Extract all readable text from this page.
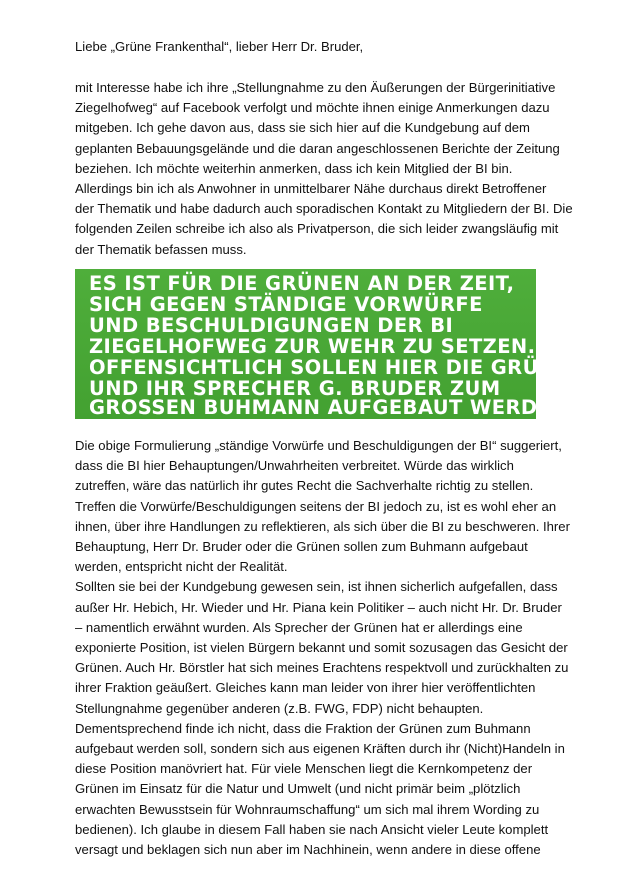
Liebe „Grüne Frankenthal“, lieber Herr Dr. Bruder,
mit Interesse habe ich ihre „Stellungnahme zu den Äußerungen der Bürgerinitiative
Ziegelhofweg“ auf Facebook verfolgt und möchte ihnen einige Anmerkungen dazu
mitgeben. Ich gehe davon aus, dass sie sich hier auf die Kundgebung auf dem
geplanten Bebauungsgelände und die daran angeschlossenen Berichte der Zeitung
beziehen. Ich möchte weiterhin anmerken, dass ich kein Mitglied der BI bin.
Allerdings bin ich als Anwohner in unmittelbarer Nähe durchaus direkt Betroffener
der Thematik und habe dadurch auch sporadischen Kontakt zu Mitgliedern der BI. Die
folgenden Zeilen schreibe ich also als Privatperson, die sich leider zwangsläufig mit
der Thematik befassen muss.
ES IST FÜR DIE GRÜNEN AN DER ZEIT,
SICH GEGEN STÄNDIGE VORWÜRFE
UND BESCHULDIGUNGEN DER BI
ZIEGELHOFWEG ZUR WEHR ZU SETZEN.
OFFENSICHTLICH SOLLEN HIER DIE GRÜNEN
UND IHR SPRECHER G. BRUDER ZUM
GROSSEN BUHMANN AUFGEBAUT WERDEN,
Die obige Formulierung „ständige Vorwürfe und Beschuldigungen der BI“ suggeriert,
dass die BI hier Behauptungen/Unwahrheiten verbreitet. Würde das wirklich
zutreffen, wäre das natürlich ihr gutes Recht die Sachverhalte richtig zu stellen.
Treffen die Vorwürfe/Beschuldigungen seitens der BI jedoch zu, ist es wohl eher an
ihnen, über ihre Handlungen zu reflektieren, als sich über die BI zu beschweren. Ihrer
Behauptung, Herr Dr. Bruder oder die Grünen sollen zum Buhmann aufgebaut
werden, entspricht nicht der Realität.
Sollten sie bei der Kundgebung gewesen sein, ist ihnen sicherlich aufgefallen, dass
außer Hr. Hebich, Hr. Wieder und Hr. Piana kein Politiker – auch nicht Hr. Dr. Bruder
– namentlich erwähnt wurden. Als Sprecher der Grünen hat er allerdings eine
exponierte Position, ist vielen Bürgern bekannt und somit sozusagen das Gesicht der
Grünen. Auch Hr. Börstler hat sich meines Erachtens respektvoll und zurückhalten zu
ihrer Fraktion geäußert. Gleiches kann man leider von ihrer hier veröffentlichten
Stellungnahme gegenüber anderen (z.B. FWG, FDP) nicht behaupten.
Dementsprechend finde ich nicht, dass die Fraktion der Grünen zum Buhmann
aufgebaut werden soll, sondern sich aus eigenen Kräften durch ihr (Nicht)Handeln in
diese Position manövriert hat. Für viele Menschen liegt die Kernkompetenz der
Grünen im Einsatz für die Natur und Umwelt (und nicht primär beim „plötzlich
erwachten Bewusstsein für Wohnraumschaffung“ um sich mal ihrem Wording zu
bedienen). Ich glaube in diesem Fall haben sie nach Ansicht vieler Leute komplett
versagt und beklagen sich nun aber im Nachhinein, wenn andere in diese offene
